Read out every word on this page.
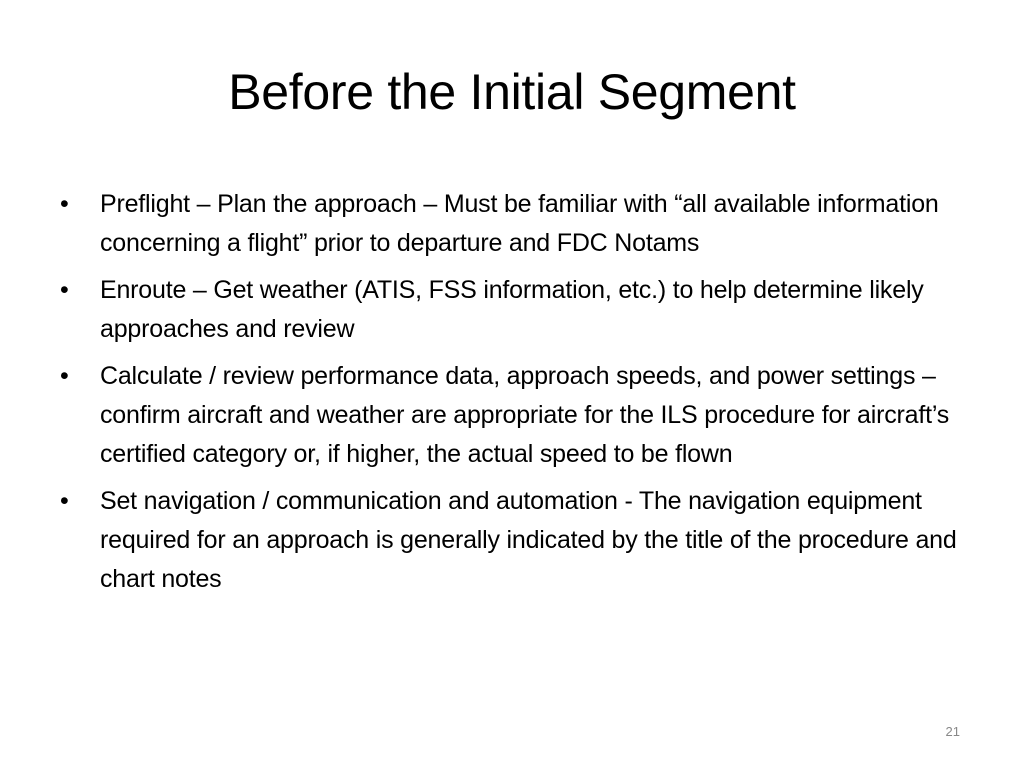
Before the Initial Segment
•	Preflight – Plan the approach – Must be familiar with “all available information concerning a flight” prior to departure and FDC Notams
•	Enroute – Get weather (ATIS, FSS information, etc.) to help determine likely approaches and review
•	Calculate / review performance data, approach speeds, and power settings – confirm aircraft and weather are appropriate for the ILS procedure for aircraft’s certified category or, if higher, the actual speed to be flown
•	Set navigation / communication and automation - The navigation equipment required for an approach is generally indicated by the title of the procedure and chart notes
21
